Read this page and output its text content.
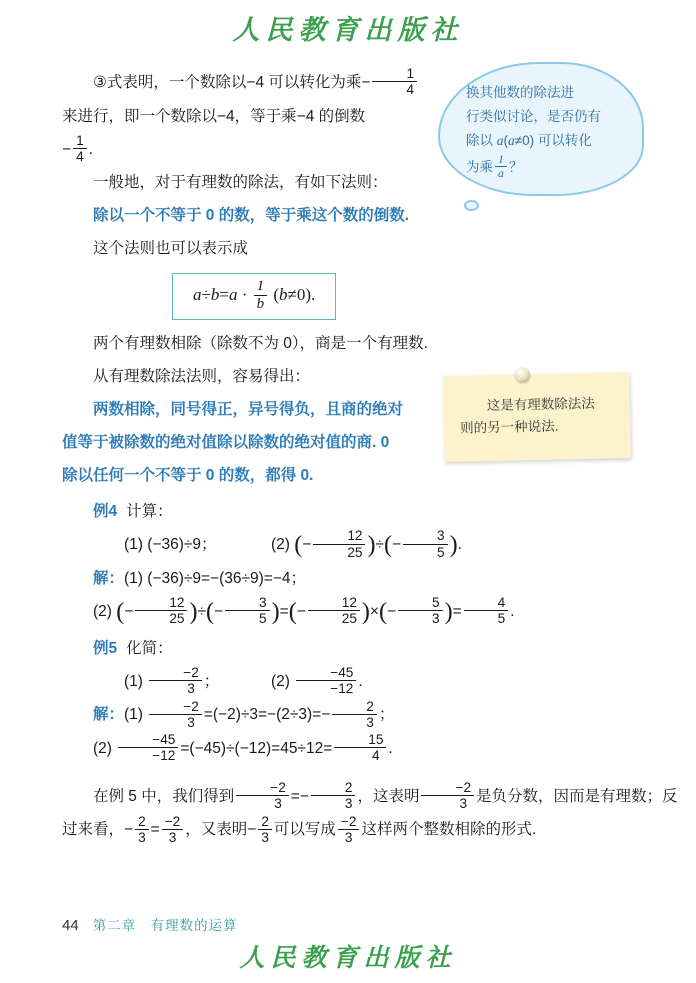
人民教育出版社
③式表明，一个数除以−4 可以转化为乘− $\frac{1}{4}$
来进行，即一个数除以−4，等于乘−4 的倒数
− $\frac{1}{4}$ .
一般地，对于有理数的除法，有如下法则：
除以一个不等于 0 的数，等于乘这个数的倒数.
这个法则也可以表示成
$a\div b=a \cdot \frac{1}{b} (b\ne 0)$.
两个有理数相除（除数不为 0），商是一个有理数.
从有理数除法法则，容易得出：
两数相除，同号得正，异号得负，且商的绝对
值等于被除数的绝对值除以除数的绝对值的商. 0
除以任何一个不等于 0 的数，都得 0.
例4 计算：
(1) (−36)÷9；	(2) (− $\frac{12}{25}$ )÷(− $\frac{3}{5}$ ).
解：(1) (−36)÷9=−(36÷9)=−4；
(2) (− $\frac{12}{25}$ )÷(− $\frac{3}{5}$ )=(− $\frac{12}{25}$ )×(− $\frac{5}{3}$ )= $\frac{4}{5}$ .
例5 化简：
$(1) \frac{-2}{3}$ ；	$(2) \frac{-45}{-12}$ .
解：$(1) \frac{-2}{3} =(-2)\div 3=-(2\div 3)=- \frac{2}{3}$ ；
$(2) \frac{-45}{-12} =(-45)\div(-12)=45\div 12= \frac{15}{4}$ .
在例 5 中，我们得到 $\frac{-2}{3} =- \frac{2}{3}$ ，这表明 $\frac{-2}{3}$ 是负分数，因而是有理数；反
过来看，− $\frac{2}{3} = \frac{-2}{3}$ ，又表明− $\frac{2}{3}$ 可以写成 $\frac{-2}{3}$ 这样两个整数相除的形式.
换其他数的除法进
行类似讨论，是否仍有
除以 a(a≠0) 可以转化
为乘 $\frac{1}{a}$ ？
这是有理数除法法
则的另一种说法.
44 第二章　有理数的运算
人民教育出版社
